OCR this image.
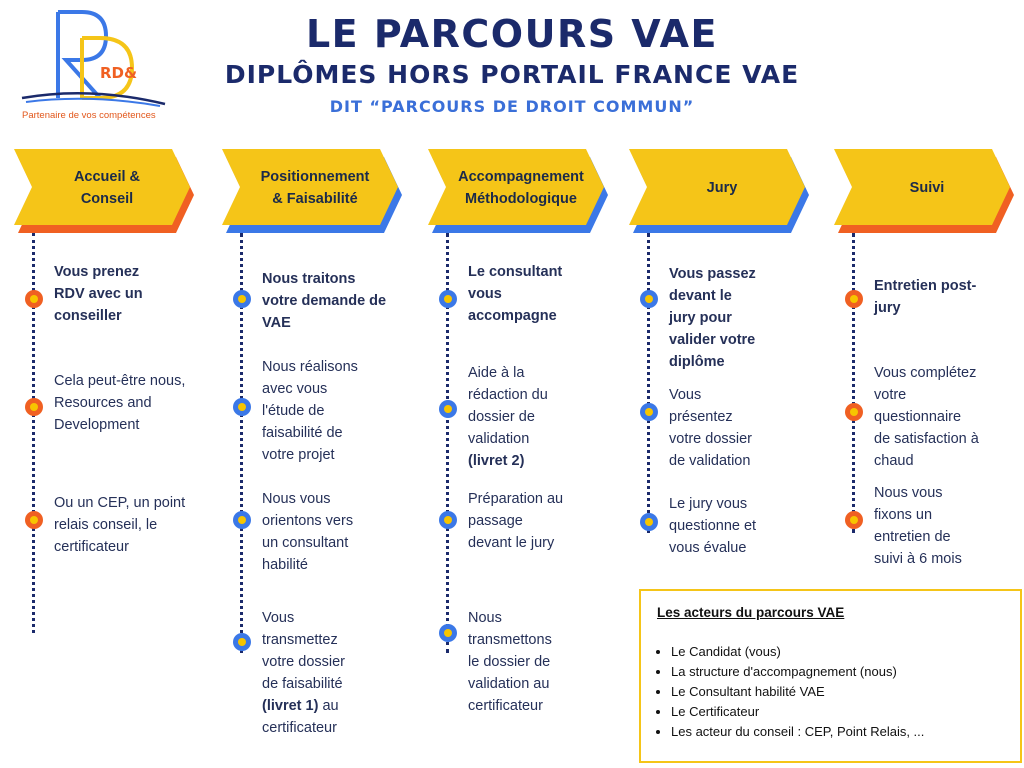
RD&
Partenaire de vos compétences
LE PARCOURS VAE
DIPLÔMES HORS PORTAIL FRANCE VAE
DIT “PARCOURS DE DROIT COMMUN”
Accueil &
Conseil
Vous prenez
RDV avec un
conseiller
Cela peut-être nous,
Resources and
Development
Ou un CEP, un point
relais conseil, le
certificateur
Positionnement
& Faisabilité
Nous traitons
votre demande de
VAE
Nous réalisons
avec vous
l'étude de
faisabilité de
votre projet
Nous vous
orientons vers
un consultant
habilité
Vous
transmettez
votre dossier
de faisabilité
(livret 1) au
certificateur
Accompagnement
Méthodologique
Le consultant
vous
accompagne
Aide à la
rédaction du
dossier de
validation
(livret 2)
Préparation au
passage
devant le jury
Nous
transmettons
le dossier de
validation au
certificateur
Jury
Vous passez
devant le
jury pour
valider votre
diplôme
Vous
présentez
votre dossier
de validation
Le jury vous
questionne et
vous évalue
Suivi
Entretien post-
jury
Vous complétez
votre
questionnaire
de satisfaction à
chaud
Nous vous
fixons un
entretien de
suivi à 6 mois
Les acteurs du parcours VAE
• Le Candidat (vous)
• La structure d'accompagnement (nous)
• Le Consultant habilité VAE
• Le Certificateur
• Les acteur du conseil : CEP, Point Relais, ...
